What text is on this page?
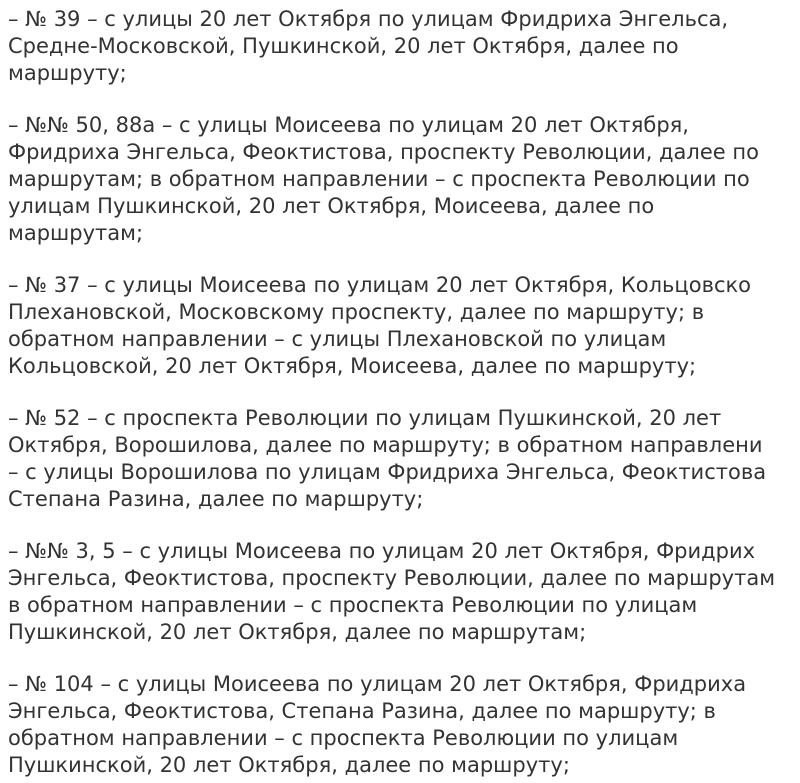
– № 39 – с улицы 20 лет Октября по улицам Фридриха Энгельса,
Средне-Московской, Пушкинской, 20 лет Октября, далее по
маршруту;

– №№ 50, 88а – с улицы Моисеева по улицам 20 лет Октября,
Фридриха Энгельса, Феоктистова, проспекту Революции, далее по
маршрутам; в обратном направлении – с проспекта Революции по
улицам Пушкинской, 20 лет Октября, Моисеева, далее по
маршрутам;

– № 37 – с улицы Моисеева по улицам 20 лет Октября, Кольцовско
Плехановской, Московскому проспекту, далее по маршруту; в
обратном направлении – с улицы Плехановской по улицам
Кольцовской, 20 лет Октября, Моисеева, далее по маршруту;

– № 52 – с проспекта Революции по улицам Пушкинской, 20 лет
Октября, Ворошилова, далее по маршруту; в обратном направлени
– с улицы Ворошилова по улицам Фридриха Энгельса, Феоктистова
Степана Разина, далее по маршруту;

– №№ 3, 5 – с улицы Моисеева по улицам 20 лет Октября, Фридрих
Энгельса, Феоктистова, проспекту Революции, далее по маршрутам
в обратном направлении – с проспекта Революции по улицам
Пушкинской, 20 лет Октября, далее по маршрутам;

– № 104 – с улицы Моисеева по улицам 20 лет Октября, Фридриха
Энгельса, Феоктистова, Степана Разина, далее по маршруту; в
обратном направлении – с проспекта Революции по улицам
Пушкинской, 20 лет Октября, далее по маршруту;
